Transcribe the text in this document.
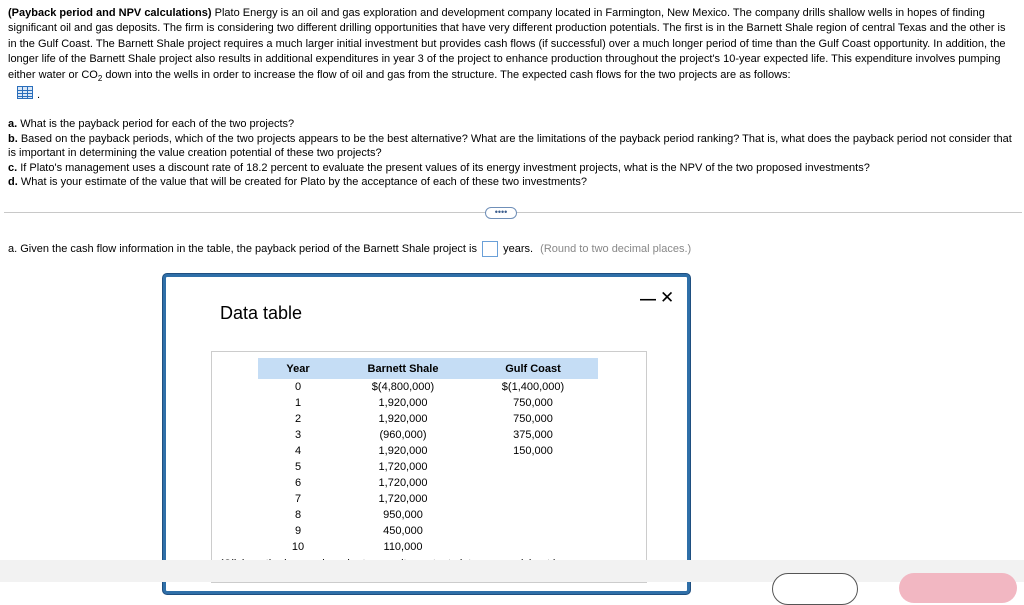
(Payback period and NPV calculations) Plato Energy is an oil and gas exploration and development company located in Farmington, New Mexico. The company drills shallow wells in hopes of finding significant oil and gas deposits. The firm is considering two different drilling opportunities that have very different production potentials. The first is in the Barnett Shale region of central Texas and the other is in the Gulf Coast. The Barnett Shale project requires a much larger initial investment but provides cash flows (if successful) over a much longer period of time than the Gulf Coast opportunity. In addition, the longer life of the Barnett Shale project also results in additional expenditures in year 3 of the project to enhance production throughout the project's 10-year expected life. This expenditure involves pumping either water or $CO_2$ down into the wells in order to increase the flow of oil and gas from the structure. The expected cash flows for the two projects are as follows:
.
a. What is the payback period for each of the two projects?
b. Based on the payback periods, which of the two projects appears to be the best alternative? What are the limitations of the payback period ranking? That is, what does the payback period not consider that is important in determining the value creation potential of these two projects?
c. If Plato's management uses a discount rate of 18.2 percent to evaluate the present values of its energy investment projects, what is the NPV of the two proposed investments?
d. What is your estimate of the value that will be created for Plato by the acceptance of each of these two investments?
••••
a. Given the cash flow information in the table, the payback period of the Barnett Shale project is years. (Round to two decimal places.)
Data table
— ✕
Year	Barnett Shale	Gulf Coast
0	$(4,800,000)	$(1,400,000)
1	1,920,000	750,000
2	1,920,000	750,000
3	(960,000)	375,000
4	1,920,000	150,000
5	1,720,000	
6	1,720,000	
7	1,720,000	
8	950,000	
9	450,000	
10	110,000	
